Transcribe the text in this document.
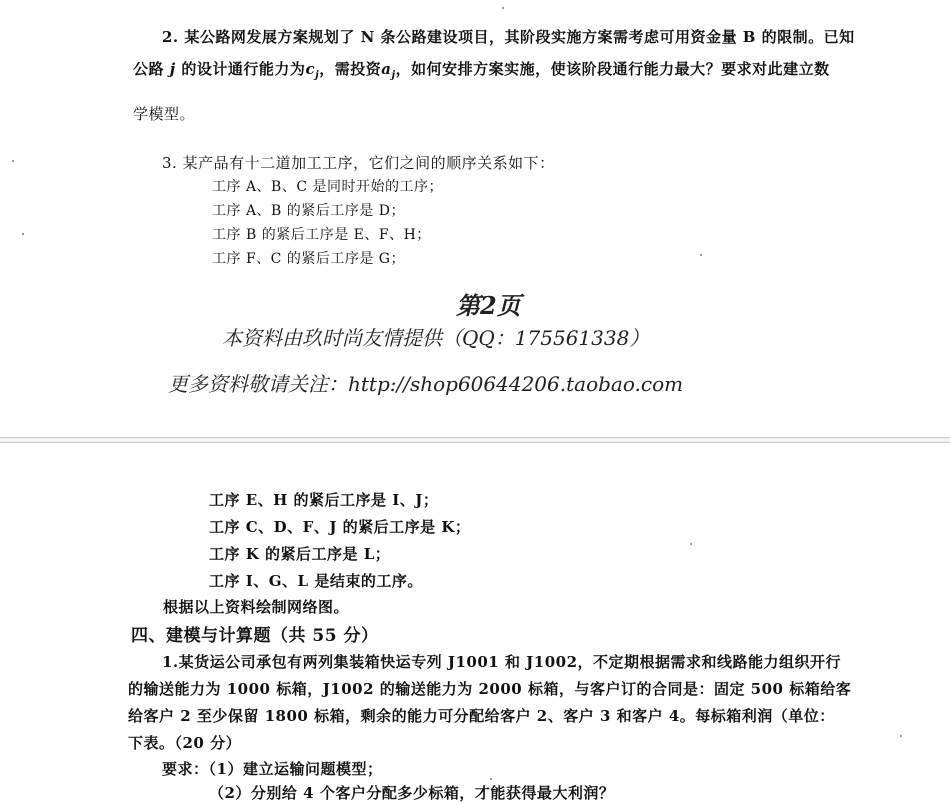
2. 某公路网发展方案规划了 N 条公路建设项目，其阶段实施方案需考虑可用资金量 B 的限制。已知
公路 j 的设计通行能力为$c_j$，需投资$a_j$，如何安排方案实施，使该阶段通行能力最大？要求对此建立数
学模型。
3. 某产品有十二道加工工序，它们之间的顺序关系如下：
工序 A、B、C 是同时开始的工序；
工序 A、B 的紧后工序是 D；
工序 B 的紧后工序是 E、F、H；
工序 F、C 的紧后工序是 G；
第2页
本资料由玖时尚友情提供（QQ：175561338）
更多资料敬请关注：http://shop60644206.taobao.com
工序 E、H 的紧后工序是 I、J；
工序 C、D、F、J 的紧后工序是 K；
工序 K 的紧后工序是 L；
工序 I、G、L 是结束的工序。
根据以上资料绘制网络图。
四、建模与计算题（共 55 分）
1.某货运公司承包有两列集装箱快运专列 J1001 和 J1002，不定期根据需求和线路能力组织开行
的输送能力为 1000 标箱，J1002 的输送能力为 2000 标箱，与客户订的合同是：固定 500 标箱给客
给客户 2 至少保留 1800 标箱，剩余的能力可分配给客户 2、客户 3 和客户 4。每标箱利润（单位：
下表。（20 分）
要求：（1）建立运输问题模型；
（2）分别给 4 个客户分配多少标箱，才能获得最大利润？
